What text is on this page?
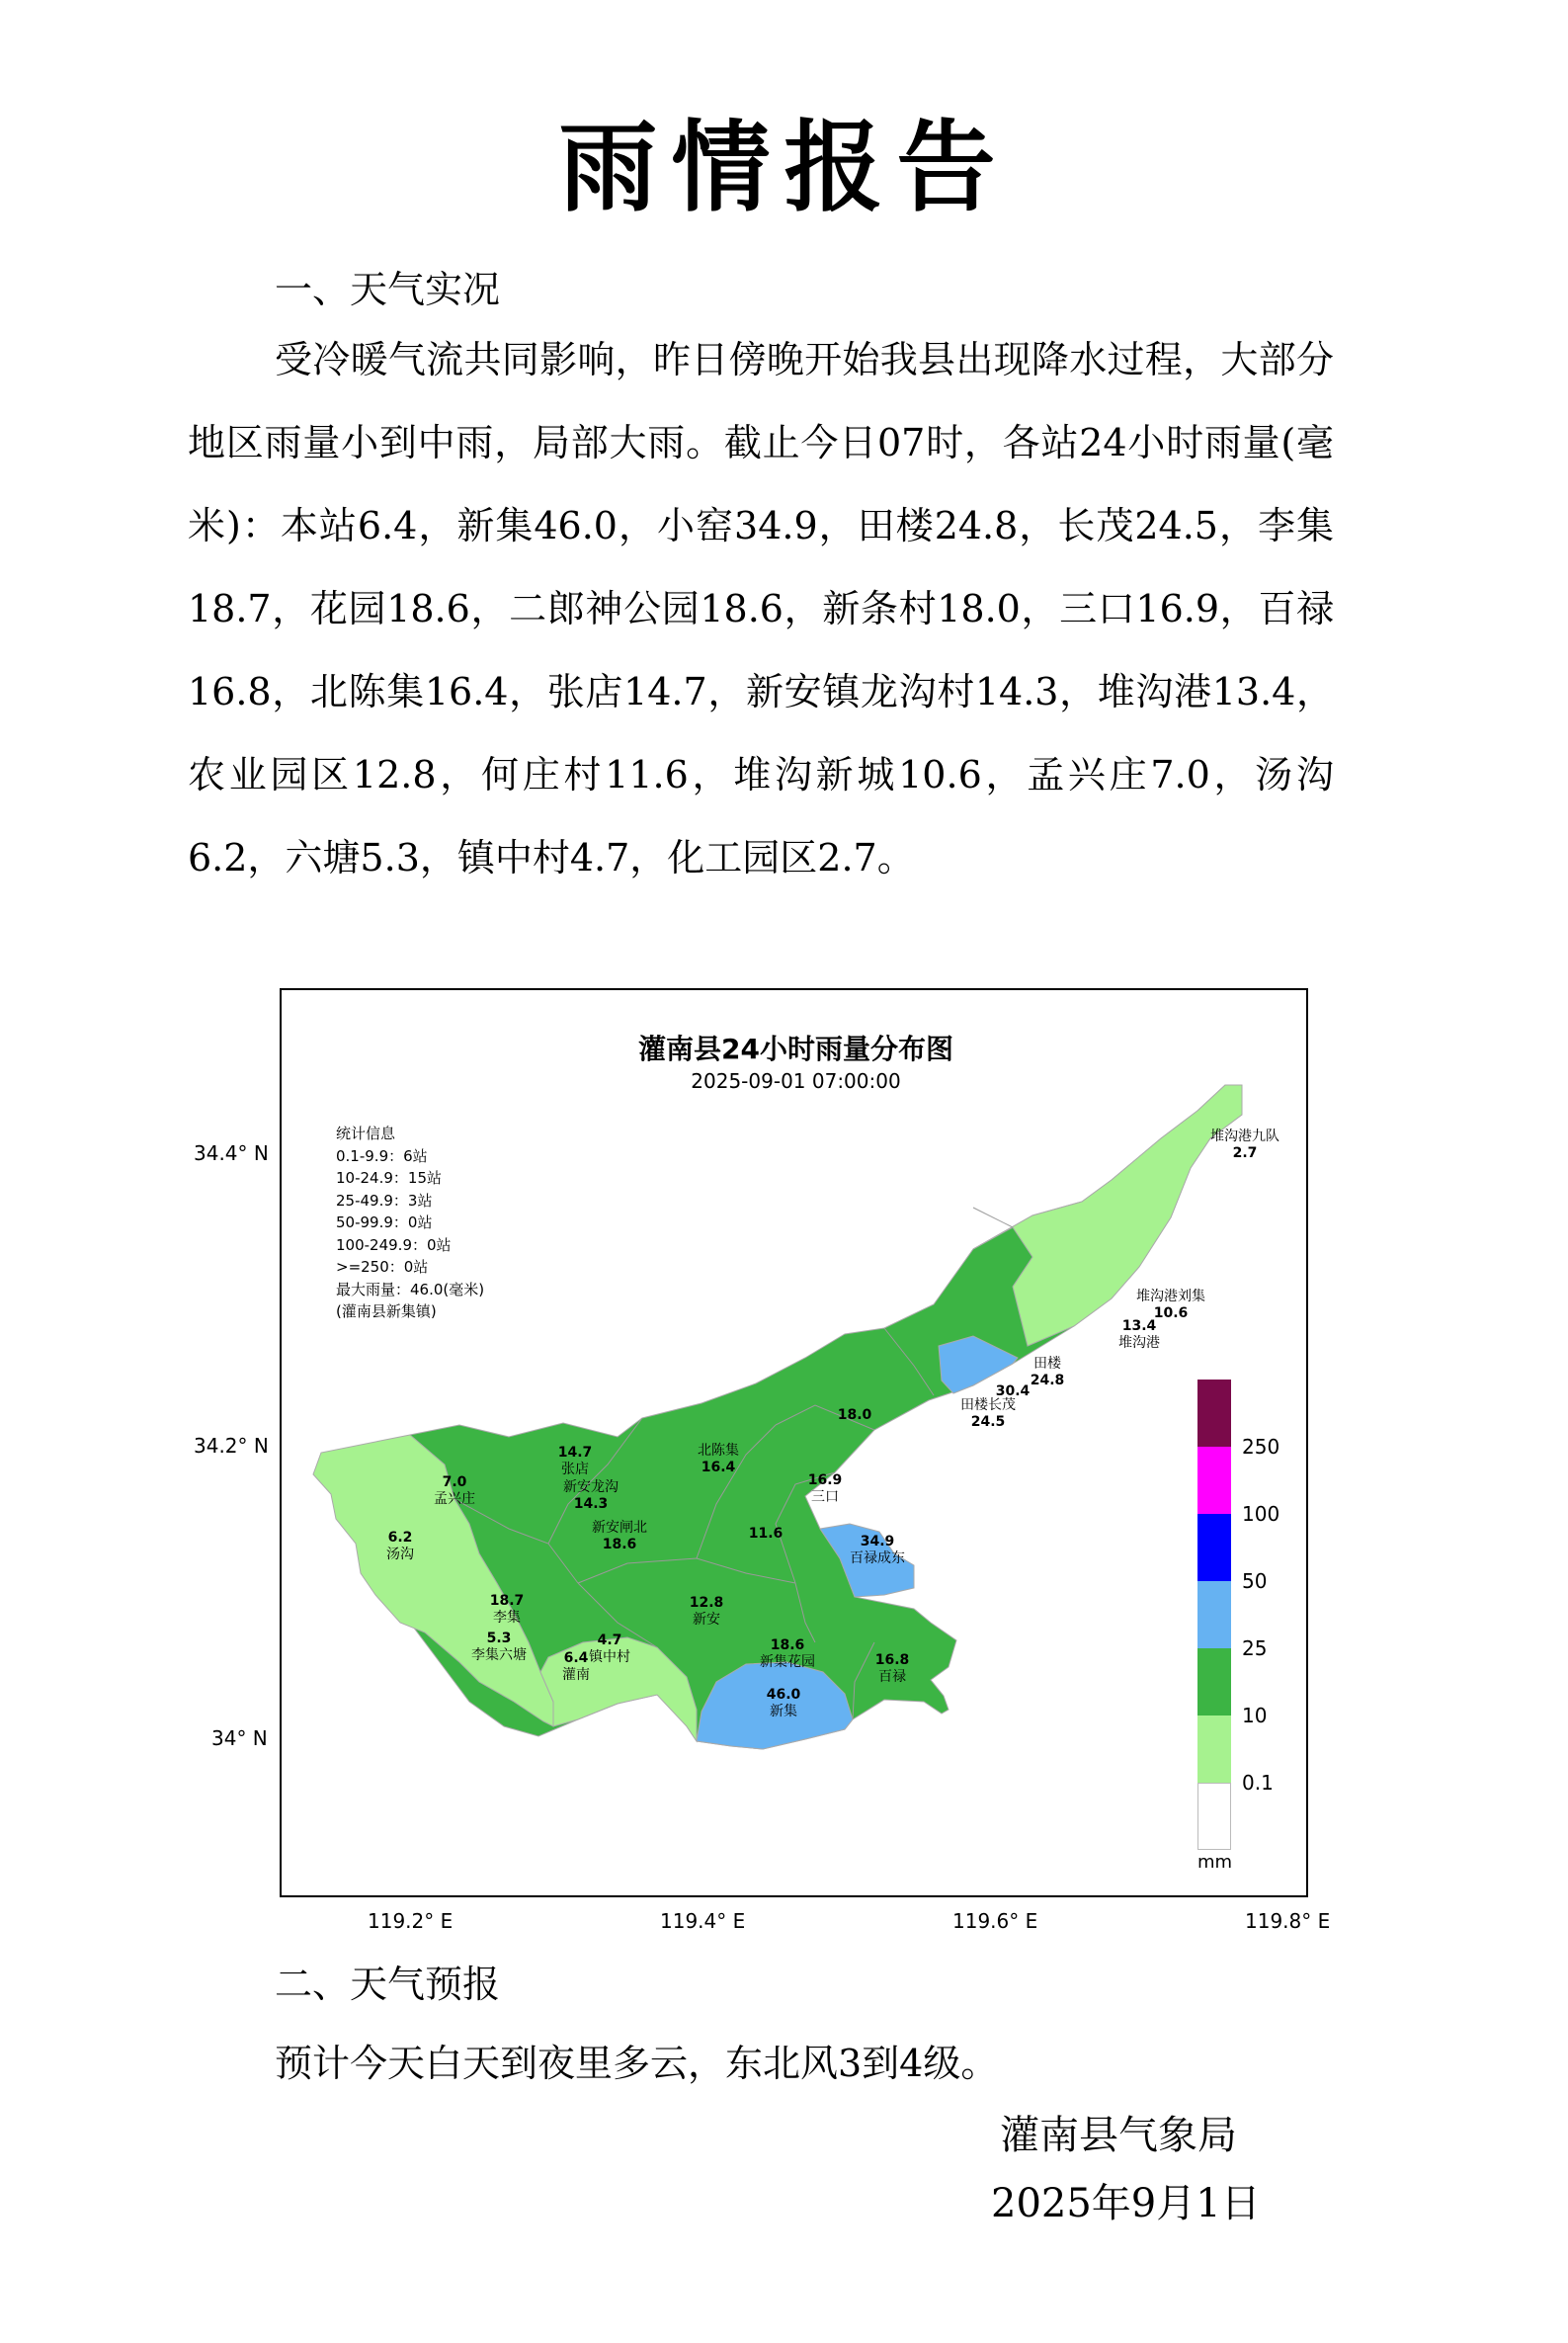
雨情报告
一、天气实况
受冷暖气流共同影响，昨日傍晚开始我县出现降水过程，大部分地区雨量小到中雨，局部大雨。截止今日07时，各站24小时雨量(毫米)：本站6.4，新集46.0，小窑34.9，田楼24.8，长茂24.5，李集18.7，花园18.6，二郎神公园18.6，新条村18.0，三口16.9，百禄16.8，北陈集16.4，张店14.7，新安镇龙沟村14.3，堆沟港13.4，农业园区12.8，何庄村11.6，堆沟新城10.6，孟兴庄7.0，汤沟6.2，六塘5.3，镇中村4.7，化工园区2.7。
灌南县24小时雨量分布图
2025-09-01 07:00:00
统计信息
0.1-9.9：6站
10-24.9：15站
25-49.9：3站
50-99.9：0站
100-249.9：0站
>=250：0站
最大雨量：46.0(毫米)
(灌南县新集镇)
堆沟港九队
2.7
堆沟港刘集
10.6
13.4
堆沟港
田楼
24.8
田楼长茂
24.5
30.4
18.0
北陈集
16.4
14.7
张店
7.0
孟兴庄
新安龙沟
14.3
6.2
汤沟
新安闸北
18.6
16.9
三口
11.6	34.9
百禄成东
18.7
李集
12.8
新安
5.3
李集六塘
4.7
镇中村
6.4
灌南
18.6
新集花园	16.8
百禄
46.0
新集
250
100
50
25
10
0.1
mm
34.4° N
34.2° N
34° N
119.2° E	119.4° E	119.6° E	119.8° E
二、天气预报
预计今天白天到夜里多云，东北风3到4级。
灌南县气象局
2025年9月1日
